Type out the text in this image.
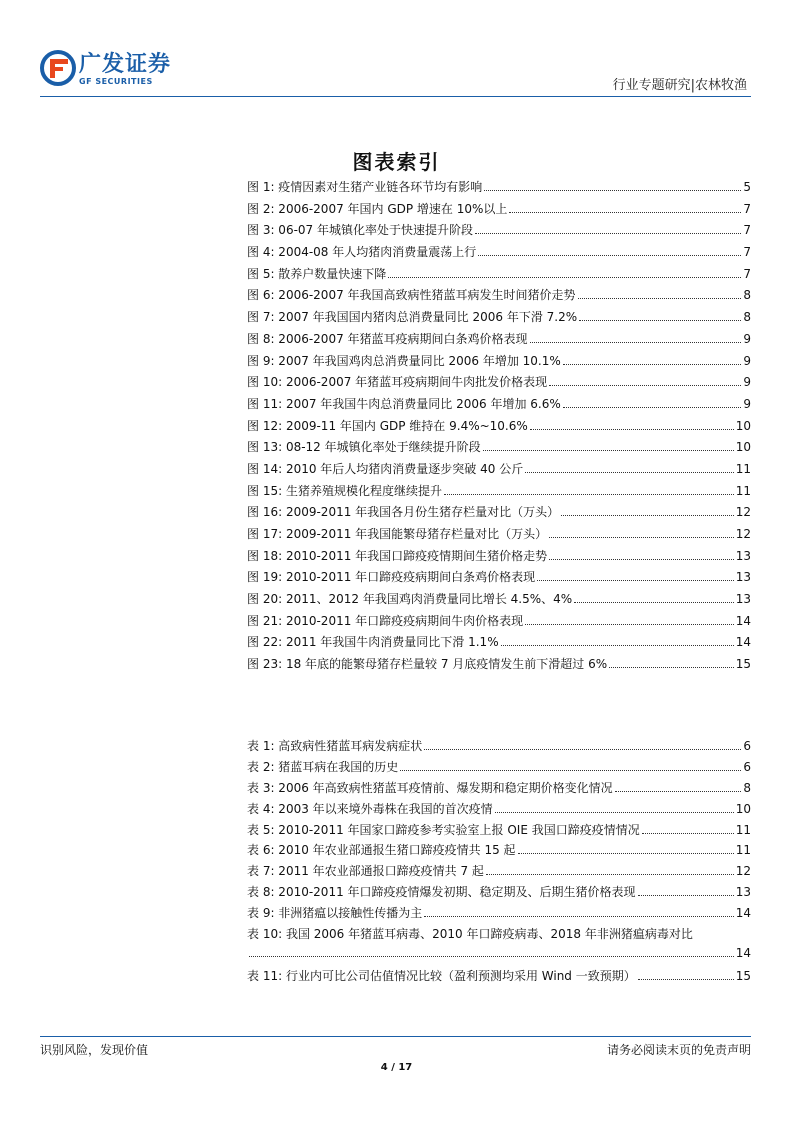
广发证券
GF SECURITIES	行业专题研究|农林牧渔
图表索引
图 1: 疫情因素对生猪产业链各环节均有影响	5
图 2: 2006-2007 年国内 GDP 增速在 10%以上	7
图 3: 06-07 年城镇化率处于快速提升阶段	7
图 4: 2004-08 年人均猪肉消费量震荡上行	7
图 5: 散养户数量快速下降	7
图 6: 2006-2007 年我国高致病性猪蓝耳病发生时间猪价走势	8
图 7: 2007 年我国国内猪肉总消费量同比 2006 年下滑 7.2%	8
图 8: 2006-2007 年猪蓝耳疫病期间白条鸡价格表现	9
图 9: 2007 年我国鸡肉总消费量同比 2006 年增加 10.1%	9
图 10: 2006-2007 年猪蓝耳疫病期间牛肉批发价格表现	9
图 11: 2007 年我国牛肉总消费量同比 2006 年增加 6.6%	9
图 12: 2009-11 年国内 GDP 维持在 9.4%~10.6%	10
图 13: 08-12 年城镇化率处于继续提升阶段	10
图 14: 2010 年后人均猪肉消费量逐步突破 40 公斤	11
图 15: 生猪养殖规模化程度继续提升	11
图 16: 2009-2011 年我国各月份生猪存栏量对比（万头）	12
图 17: 2009-2011 年我国能繁母猪存栏量对比（万头）	12
图 18: 2010-2011 年我国口蹄疫疫情期间生猪价格走势	13
图 19: 2010-2011 年口蹄疫疫病期间白条鸡价格表现	13
图 20: 2011、2012 年我国鸡肉消费量同比增长 4.5%、4%	13
图 21: 2010-2011 年口蹄疫疫病期间牛肉价格表现	14
图 22: 2011 年我国牛肉消费量同比下滑 1.1%	14
图 23: 18 年底的能繁母猪存栏量较 7 月底疫情发生前下滑超过 6%	15
表 1: 高致病性猪蓝耳病发病症状	6
表 2: 猪蓝耳病在我国的历史	6
表 3: 2006 年高致病性猪蓝耳疫情前、爆发期和稳定期价格变化情况	8
表 4: 2003 年以来境外毒株在我国的首次疫情	10
表 5: 2010-2011 年国家口蹄疫参考实验室上报 OIE 我国口蹄疫疫情情况	11
表 6: 2010 年农业部通报生猪口蹄疫疫情共 15 起	11
表 7: 2011 年农业部通报口蹄疫疫情共 7 起	12
表 8: 2010-2011 年口蹄疫疫情爆发初期、稳定期及、后期生猪价格表现	13
表 9: 非洲猪瘟以接触性传播为主	14
表 10: 我国 2006 年猪蓝耳病毒、2010 年口蹄疫病毒、2018 年非洲猪瘟病毒对比
14
表 11: 行业内可比公司估值情况比较（盈利预测均采用 Wind 一致预期）	15
识别风险，发现价值	请务必阅读末页的免责声明
4 / 17
